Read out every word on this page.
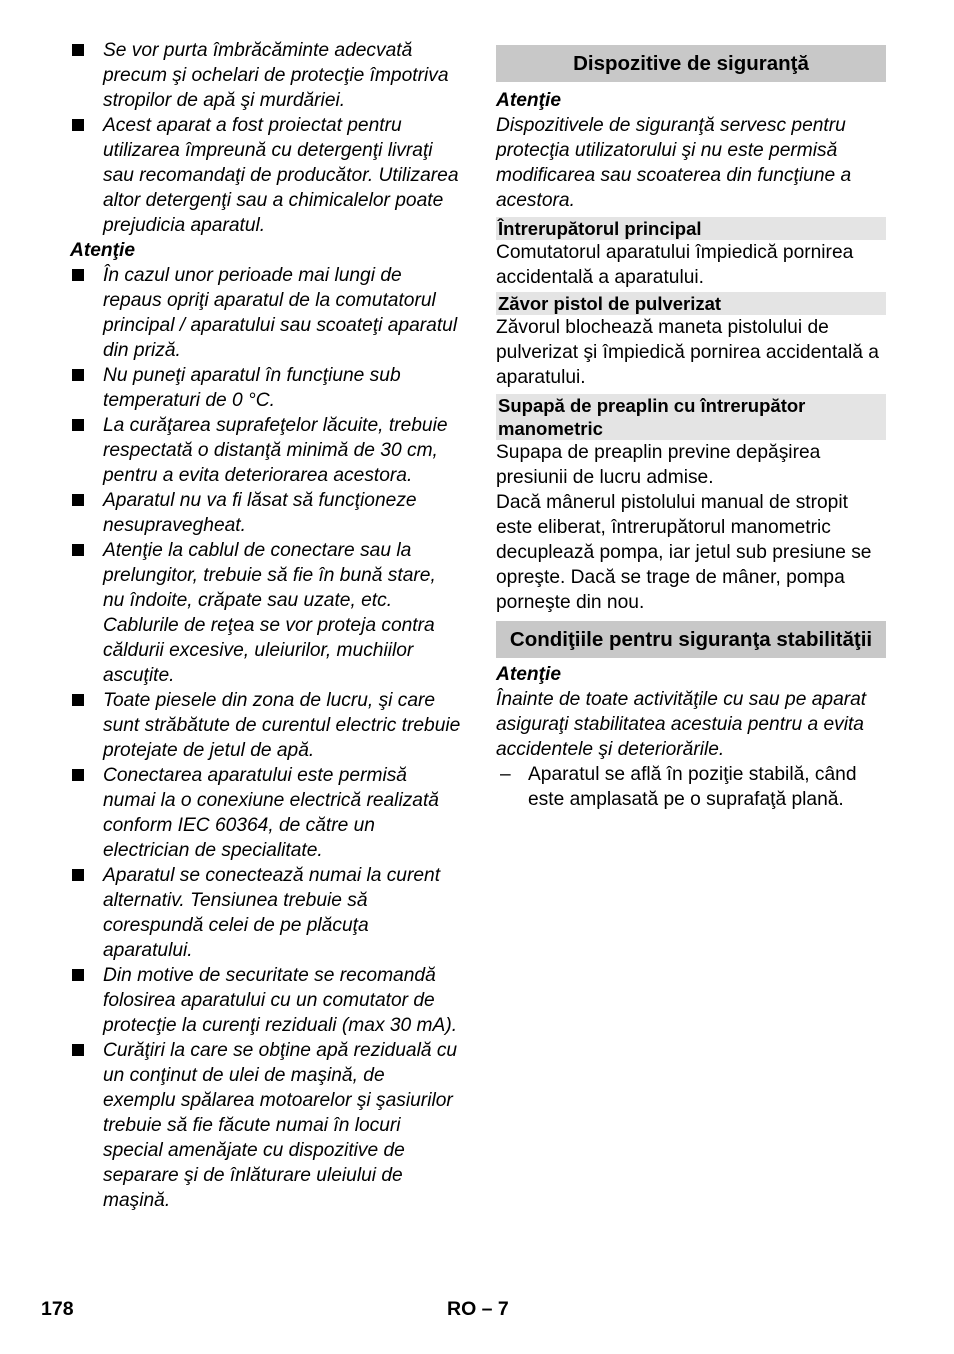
Se vor purta îmbrăcăminte adecvată precum şi ochelari de protecţie împotriva stropilor de apă şi murdăriei.
Acest aparat a fost proiectat pentru utilizarea împreună cu detergenţi livraţi sau recomandaţi de producător. Utilizarea altor detergenţi sau a chimicalelor poate prejudicia aparatul.
Atenţie
În cazul unor perioade mai lungi de repaus opriţi aparatul de la comutatorul principal / aparatului sau scoateţi aparatul din priză.
Nu puneţi aparatul în funcţiune sub temperaturi de 0 °C.
La curăţarea suprafeţelor lăcuite, trebuie respectată o distanţă minimă de 30 cm, pentru a evita deteriorarea acestora.
Aparatul nu va fi lăsat să funcţioneze nesupravegheat.
Atenţie la cablul de conectare sau la prelungitor, trebuie să fie în bună stare, nu îndoite, crăpate sau uzate, etc. Cablurile de reţea se vor proteja contra căldurii excesive, uleiurilor, muchiilor ascuţite.
Toate piesele din zona de lucru, şi care sunt străbătute de curentul electric trebuie protejate de jetul de apă.
Conectarea aparatului este permisă numai la o conexiune electrică realizată conform IEC 60364, de către un electrician de specialitate.
Aparatul se conectează numai la curent alternativ. Tensiunea trebuie să corespundă celei de pe plăcuţa aparatului.
Din motive de securitate se recomandă folosirea aparatului cu un comutator de protecţie la curenţi reziduali (max 30 mA).
Curăţiri la care se obţine apă reziduală cu un conţinut de ulei de maşină, de exemplu spălarea motoarelor şi şasiurilor trebuie să fie făcute numai în locuri special amenăjate cu dispozitive de separare şi de înlăturare uleiului de maşină.
Dispozitive de siguranţă
Atenţie

Dispozitivele de siguranţă servesc pentru protecţia utilizatorului şi nu este permisă modificarea sau scoaterea din funcţiune a acestora.

Întrerupătorul principal

Comutatorul aparatului împiedică pornirea accidentală a aparatului.

Zăvor pistol de pulverizat

Zăvorul blochează maneta pistolului de pulverizat şi împiedică pornirea accidentală a aparatului.

Supapă de preaplin cu întrerupător manometric

Supapa de preaplin previne depăşirea presiunii de lucru admise.

Dacă mânerul pistolului manual de stropit este eliberat, întrerupătorul manometric decuplează pompa, iar jetul sub presiune se opreşte. Dacă se trage de mâner, pompa porneşte din nou.

Condiţiile pentru siguranţa stabilităţii
Atenţie

Înainte de toate activităţile cu sau pe aparat asiguraţi stabilitatea acestuia pentru a evita accidentele şi deteriorările.

– Aparatul se află în poziţie stabilă, când este amplasată pe o suprafaţă plană.
178	RO – 7
